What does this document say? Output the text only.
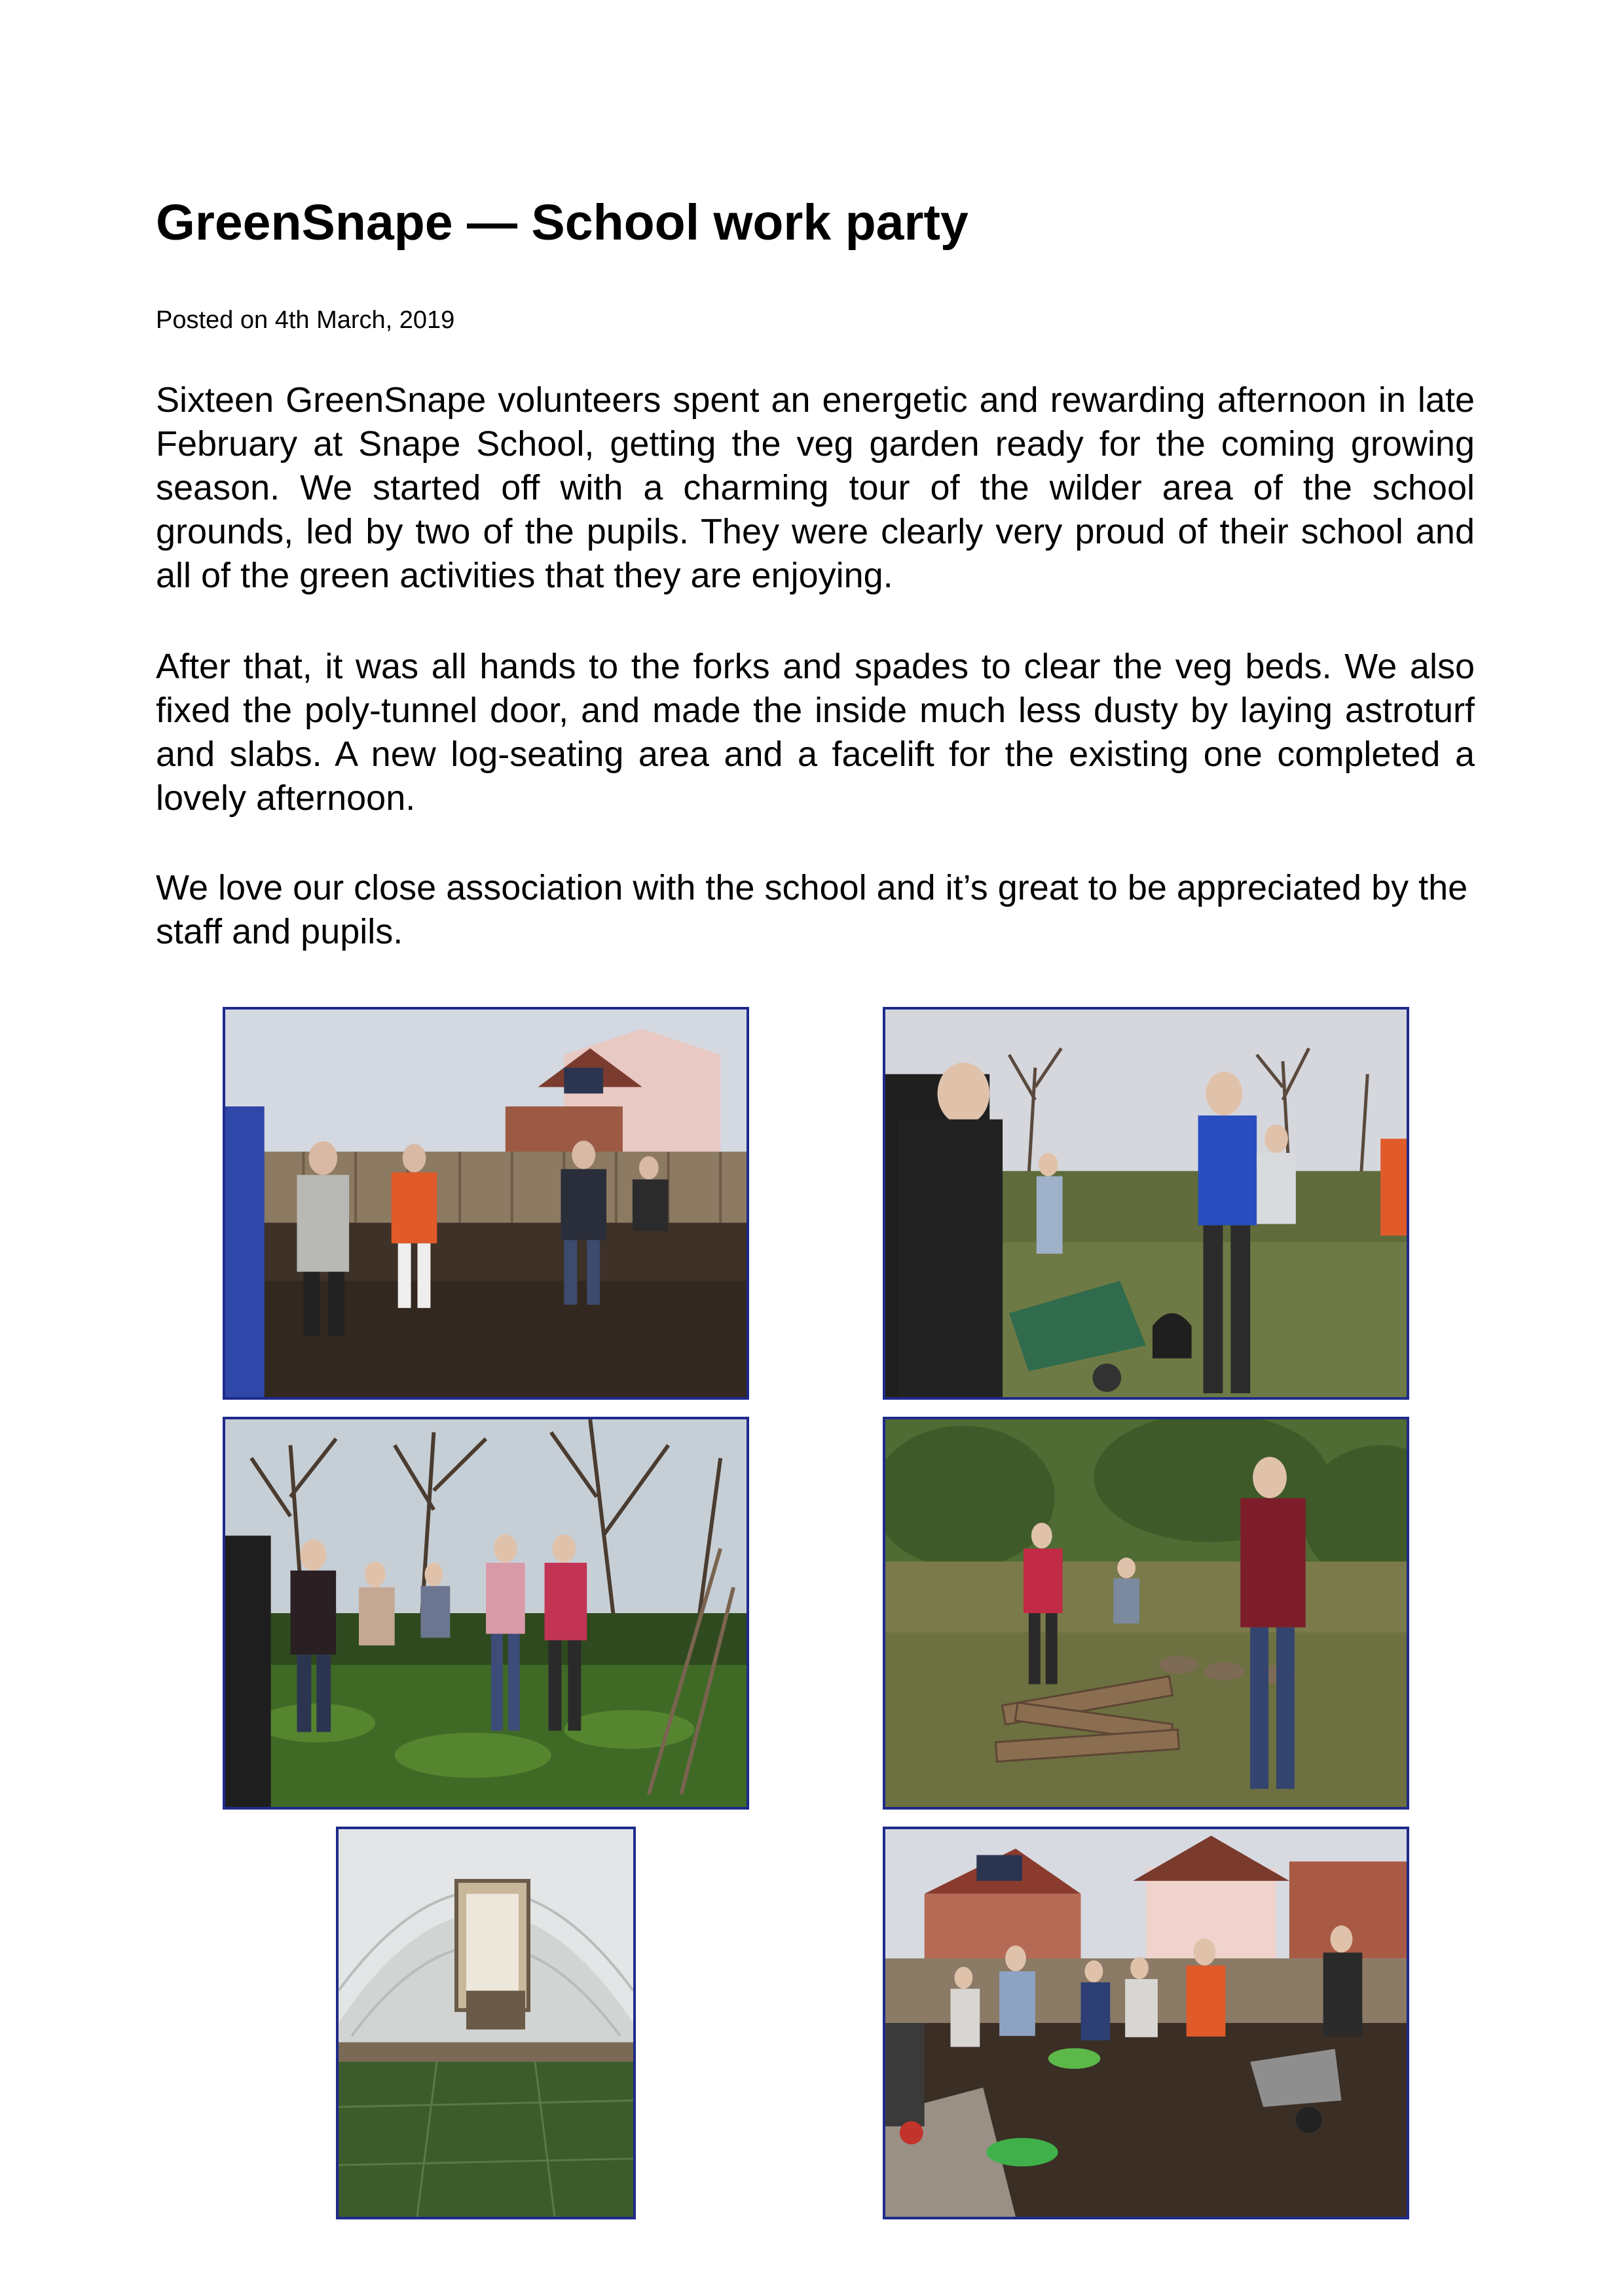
GreenSnape — School work party
Posted on 4th March, 2019

Sixteen GreenSnape volunteers spent an energetic and rewarding afternoon in late February at Snape School, getting the veg garden ready for the coming growing season. We started off with a charming tour of the wilder area of the school grounds, led by two of the pupils. They were clearly very proud of their school and all of the green activities that they are enjoying.

After that, it was all hands to the forks and spades to clear the veg beds. We also fixed the poly-tunnel door, and made the inside much less dusty by laying astroturf and slabs. A new log-seating area and a facelift for the existing one completed a lovely afternoon.

We love our close association with the school and it’s great to be appreciated by the staff and pupils.
